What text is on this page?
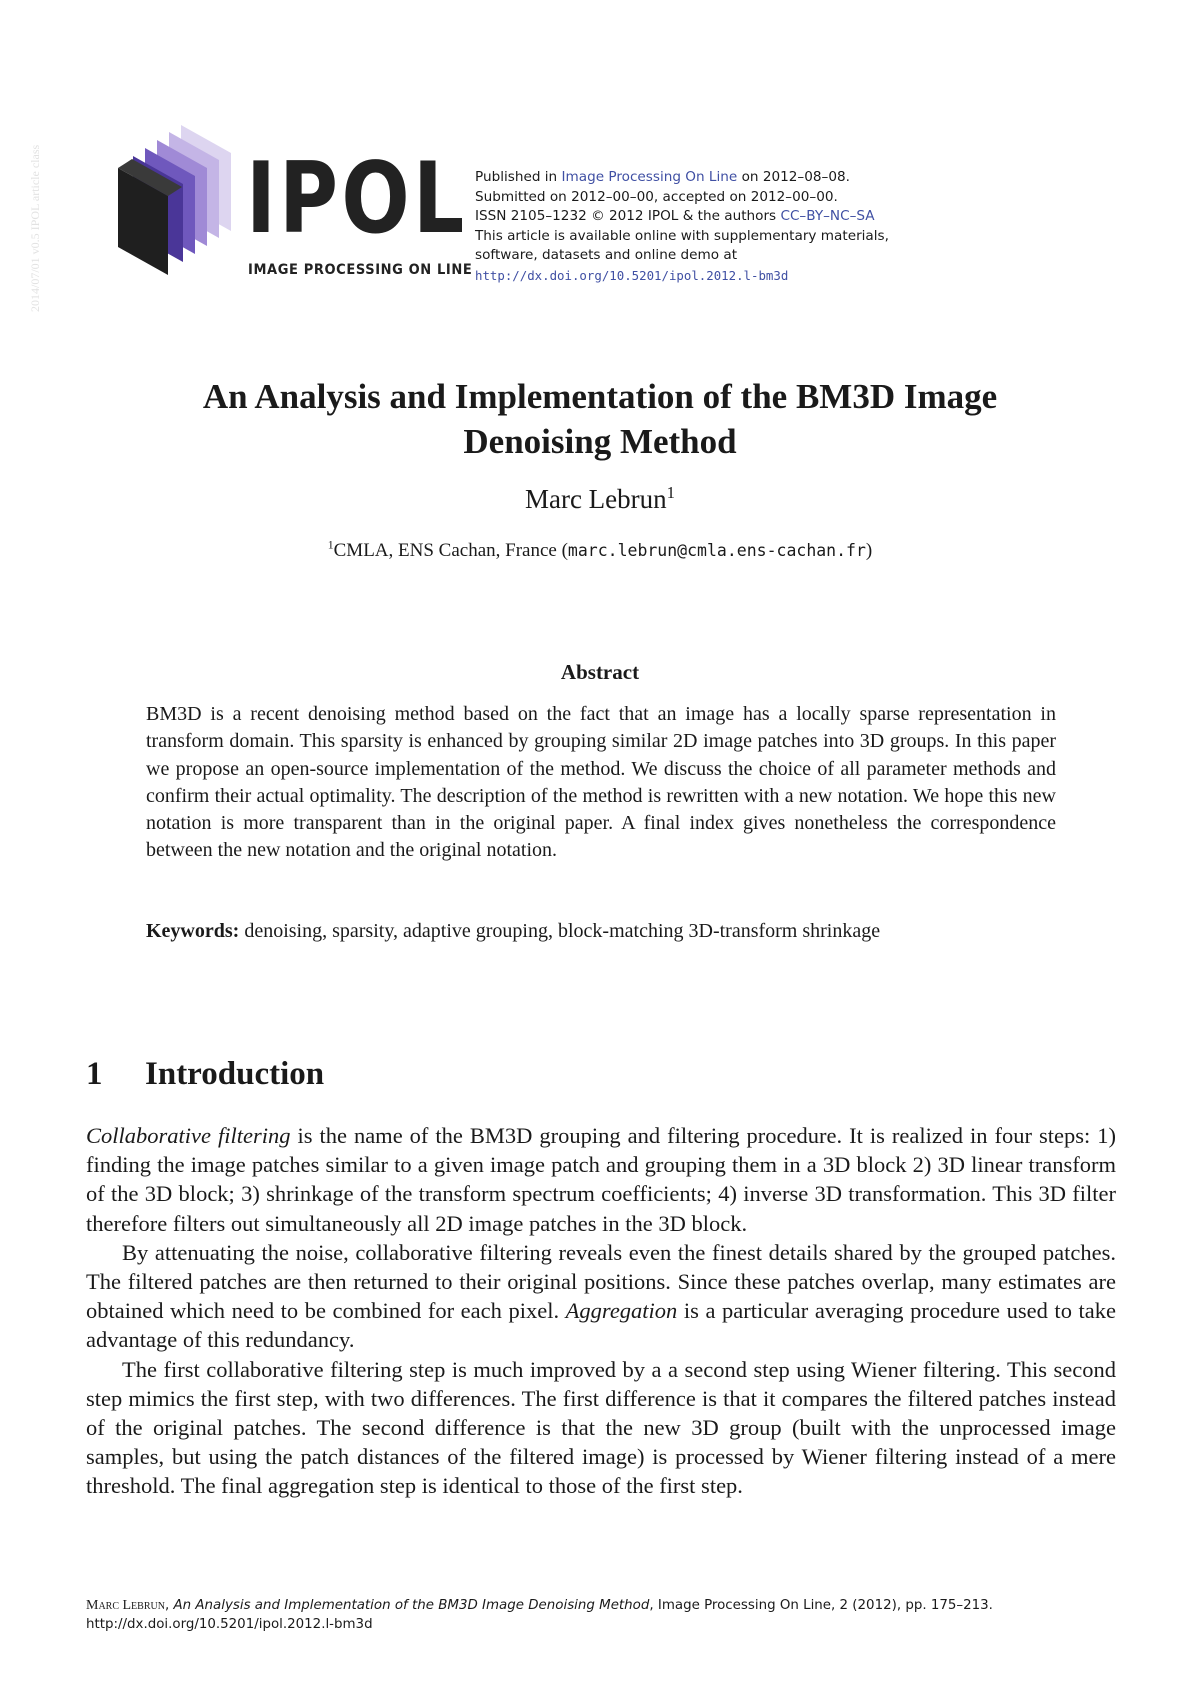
2014/07/01 v0.5 IPOL article class IPOL
IMAGE PROCESSING ON LINE
Published in Image Processing On Line on 2012–08–08.
Submitted on 2012–00–00, accepted on 2012–00–00.
ISSN 2105–1232 © 2012 IPOL & the authors CC–BY–NC–SA
This article is available online with supplementary materials,
software, datasets and online demo at
http://dx.doi.org/10.5201/ipol.2012.l-bm3d
An Analysis and Implementation of the BM3D Image
Denoising Method
Marc Lebrun$^1$
$^1$CMLA, ENS Cachan, France (marc.lebrun@cmla.ens-cachan.fr)
Abstract
BM3D is a recent denoising method based on the fact that an image has a locally sparse representation in transform domain. This sparsity is enhanced by grouping similar 2D image patches into 3D groups. In this paper we propose an open-source implementation of the method. We discuss the choice of all parameter methods and confirm their actual optimality. The description of the method is rewritten with a new notation. We hope this new notation is more transparent than in the original paper. A final index gives nonetheless the correspondence between the new notation and the original notation.
Keywords: denoising, sparsity, adaptive grouping, block-matching 3D-transform shrinkage
1 Introduction

Collaborative filtering is the name of the BM3D grouping and filtering procedure. It is realized in four steps: 1) finding the image patches similar to a given image patch and grouping them in a 3D block 2) 3D linear transform of the 3D block; 3) shrinkage of the transform spectrum coefficients; 4) inverse 3D transformation. This 3D filter therefore filters out simultaneously all 2D image patches in the 3D block.

By attenuating the noise, collaborative filtering reveals even the finest details shared by the grouped patches. The filtered patches are then returned to their original positions. Since these patches overlap, many estimates are obtained which need to be combined for each pixel. Aggregation is a particular averaging procedure used to take advantage of this redundancy.

The first collaborative filtering step is much improved by a a second step using Wiener filtering. This second step mimics the first step, with two differences. The first difference is that it compares the filtered patches instead of the original patches. The second difference is that the new 3D group (built with the unprocessed image samples, but using the patch distances of the filtered image) is processed by Wiener filtering instead of a mere threshold. The final aggregation step is identical to those of the first step.

Marc Lebrun, An Analysis and Implementation of the BM3D Image Denoising Method, Image Processing On Line, 2 (2012), pp. 175–213.
http://dx.doi.org/10.5201/ipol.2012.l-bm3d
